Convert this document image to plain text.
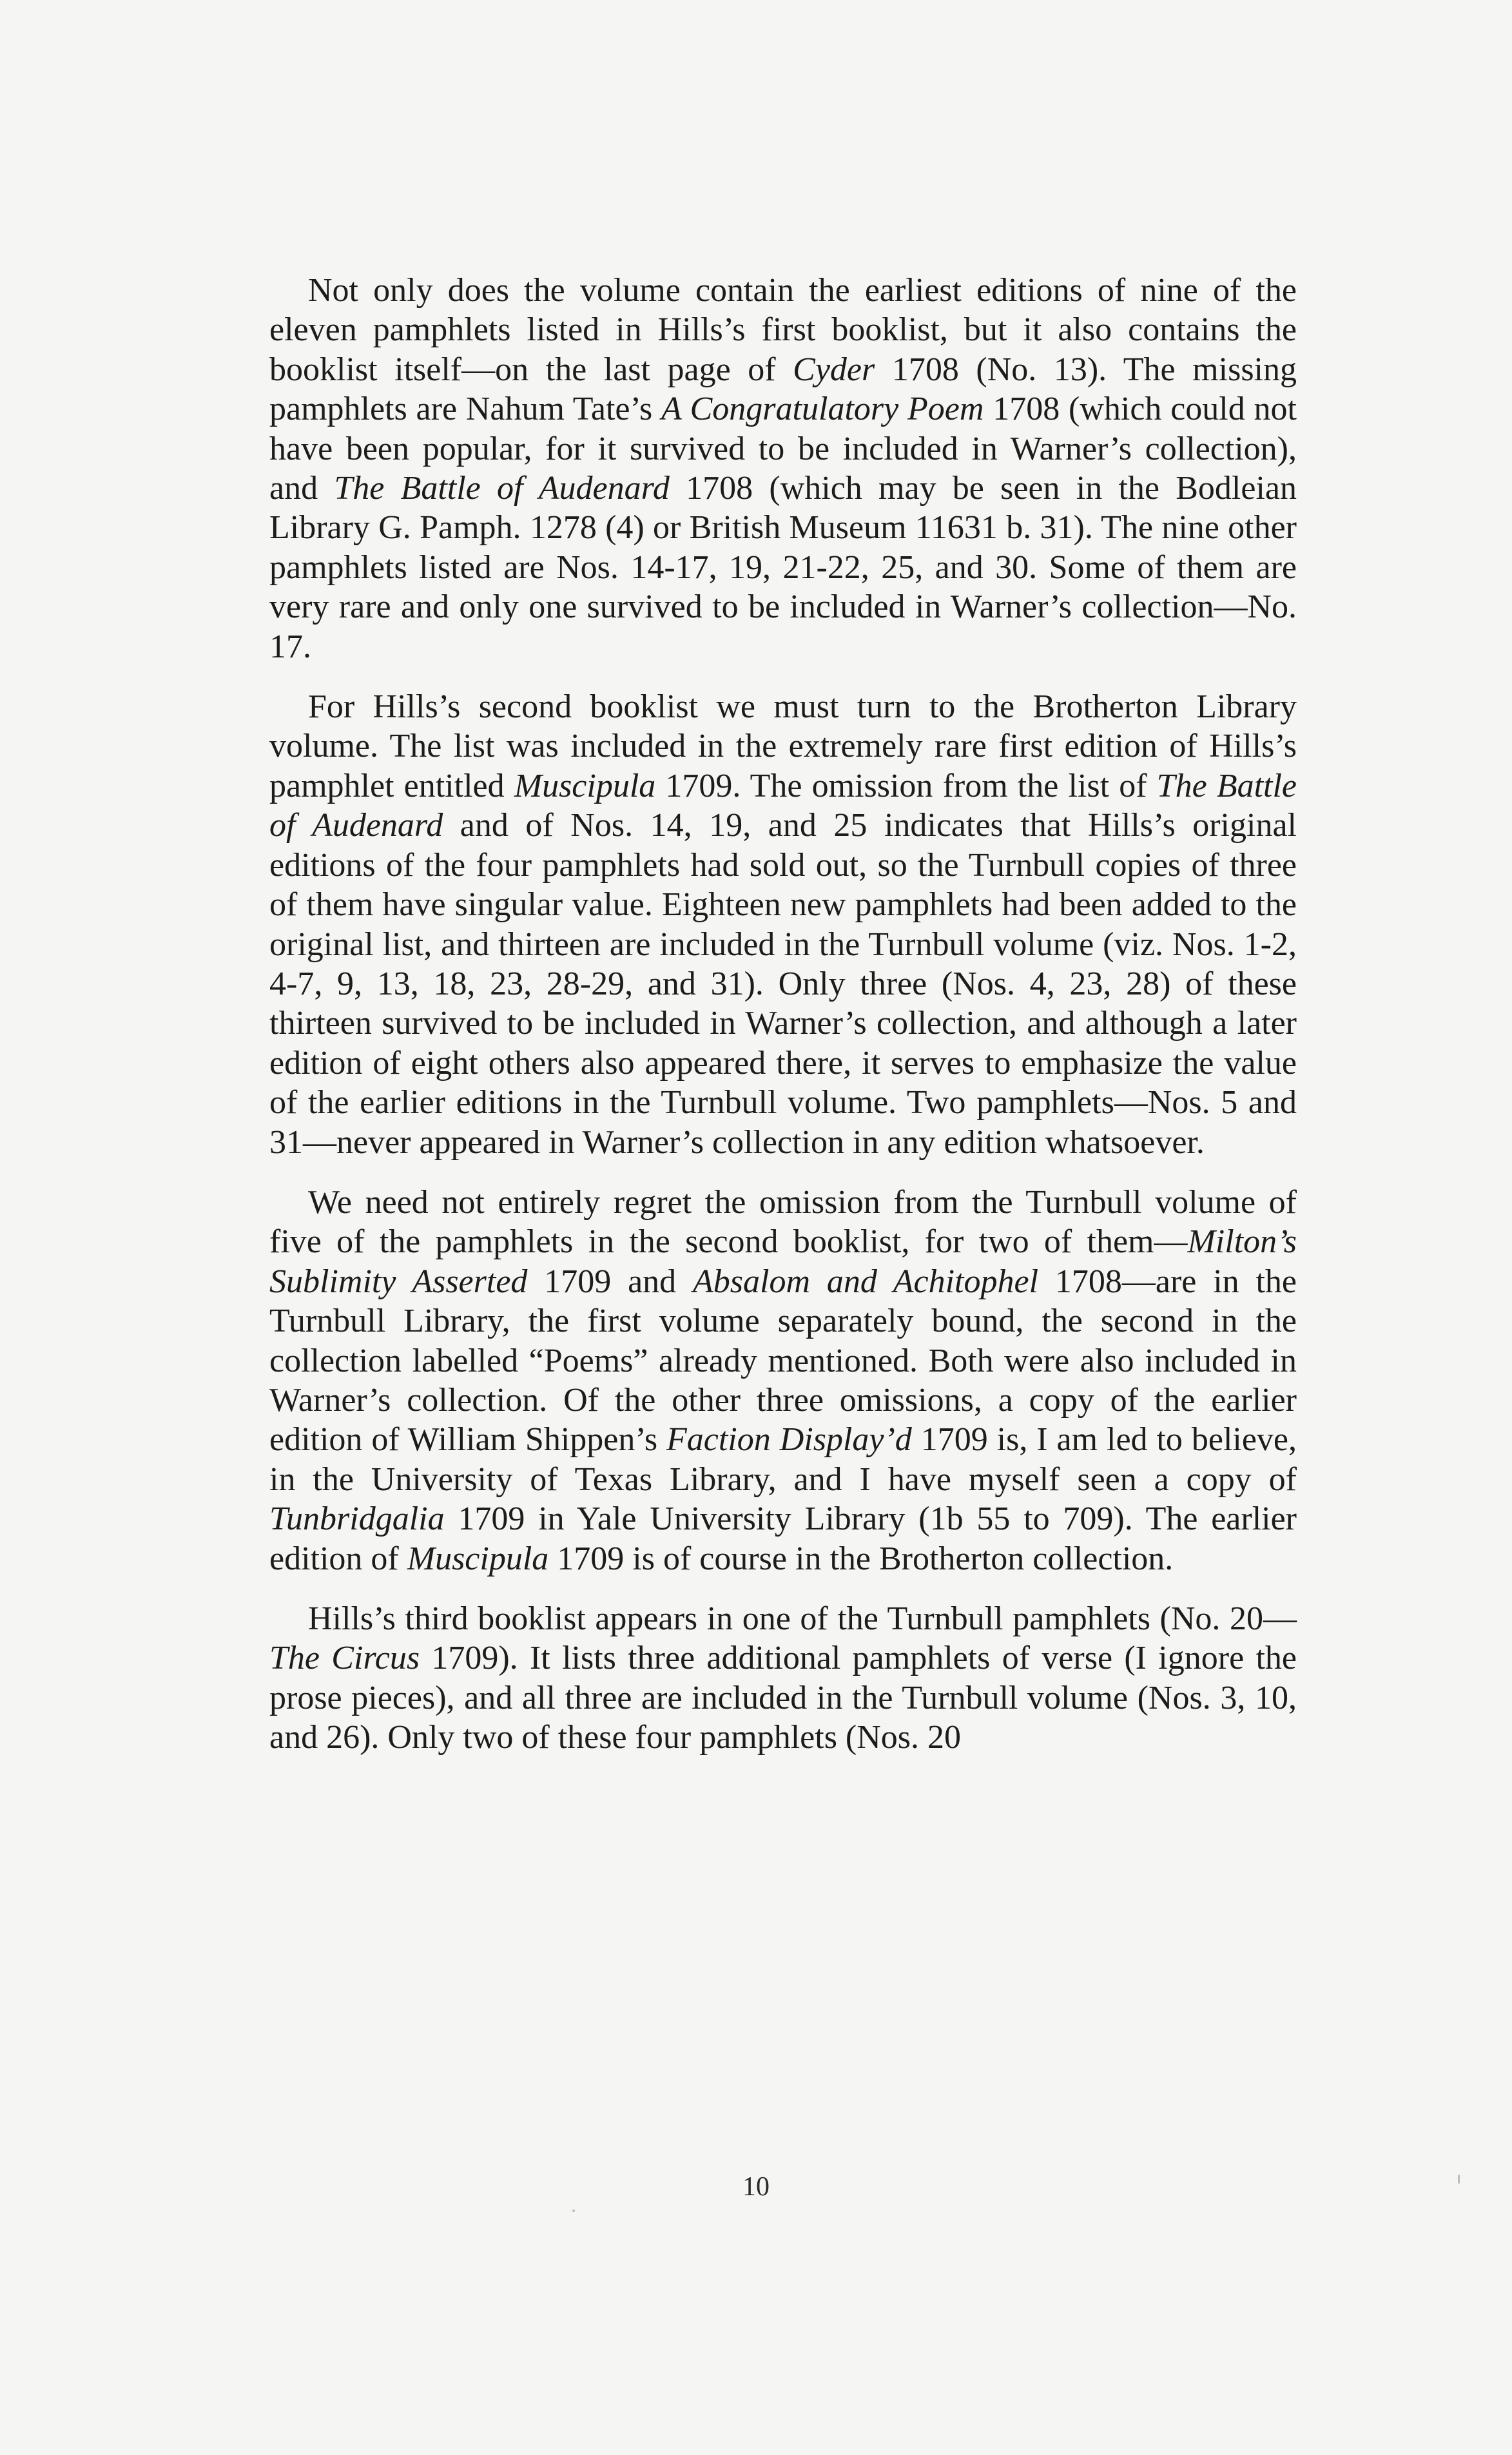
Not only does the volume contain the earliest editions of nine of the eleven pamphlets listed in Hills’s first booklist, but it also contains the booklist itself—on the last page of Cyder 1708 (No. 13). The missing pamphlets are Nahum Tate’s A Congratulatory Poem 1708 (which could not have been popular, for it survived to be included in Warner’s collection), and The Battle of Audenard 1708 (which may be seen in the Bodleian Library G. Pamph. 1278 (4) or British Museum 11631 b. 31). The nine other pamphlets listed are Nos. 14-17, 19, 21-22, 25, and 30. Some of them are very rare and only one survived to be included in Warner’s collection—No. 17.

For Hills’s second booklist we must turn to the Brotherton Library volume. The list was included in the extremely rare first edition of Hills’s pamphlet entitled Muscipula 1709. The omission from the list of The Battle of Audenard and of Nos. 14, 19, and 25 indicates that Hills’s original editions of the four pamphlets had sold out, so the Turnbull copies of three of them have singular value. Eighteen new pamphlets had been added to the original list, and thirteen are included in the Turnbull volume (viz. Nos. 1-2, 4-7, 9, 13, 18, 23, 28-29, and 31). Only three (Nos. 4, 23, 28) of these thirteen survived to be included in Warner’s collection, and although a later edition of eight others also appeared there, it serves to emphasize the value of the earlier editions in the Turnbull volume. Two pamphlets—Nos. 5 and 31—never appeared in Warner’s collection in any edition whatsoever.

We need not entirely regret the omission from the Turnbull volume of five of the pamphlets in the second booklist, for two of them—Milton’s Sublimity Asserted 1709 and Absalom and Achitophel 1708—are in the Turnbull Library, the first volume separately bound, the second in the collection labelled “Poems” already mentioned. Both were also included in Warner’s collection. Of the other three omissions, a copy of the earlier edition of William Shippen’s Faction Display’d 1709 is, I am led to believe, in the University of Texas Library, and I have myself seen a copy of Tunbridgalia 1709 in Yale University Library (1b 55 to 709). The earlier edition of Muscipula 1709 is of course in the Brotherton collection.

Hills’s third booklist appears in one of the Turnbull pamphlets (No. 20—The Circus 1709). It lists three additional pamphlets of verse (I ignore the prose pieces), and all three are included in the Turnbull volume (Nos. 3, 10, and 26). Only two of these four pamphlets (Nos. 20

10
